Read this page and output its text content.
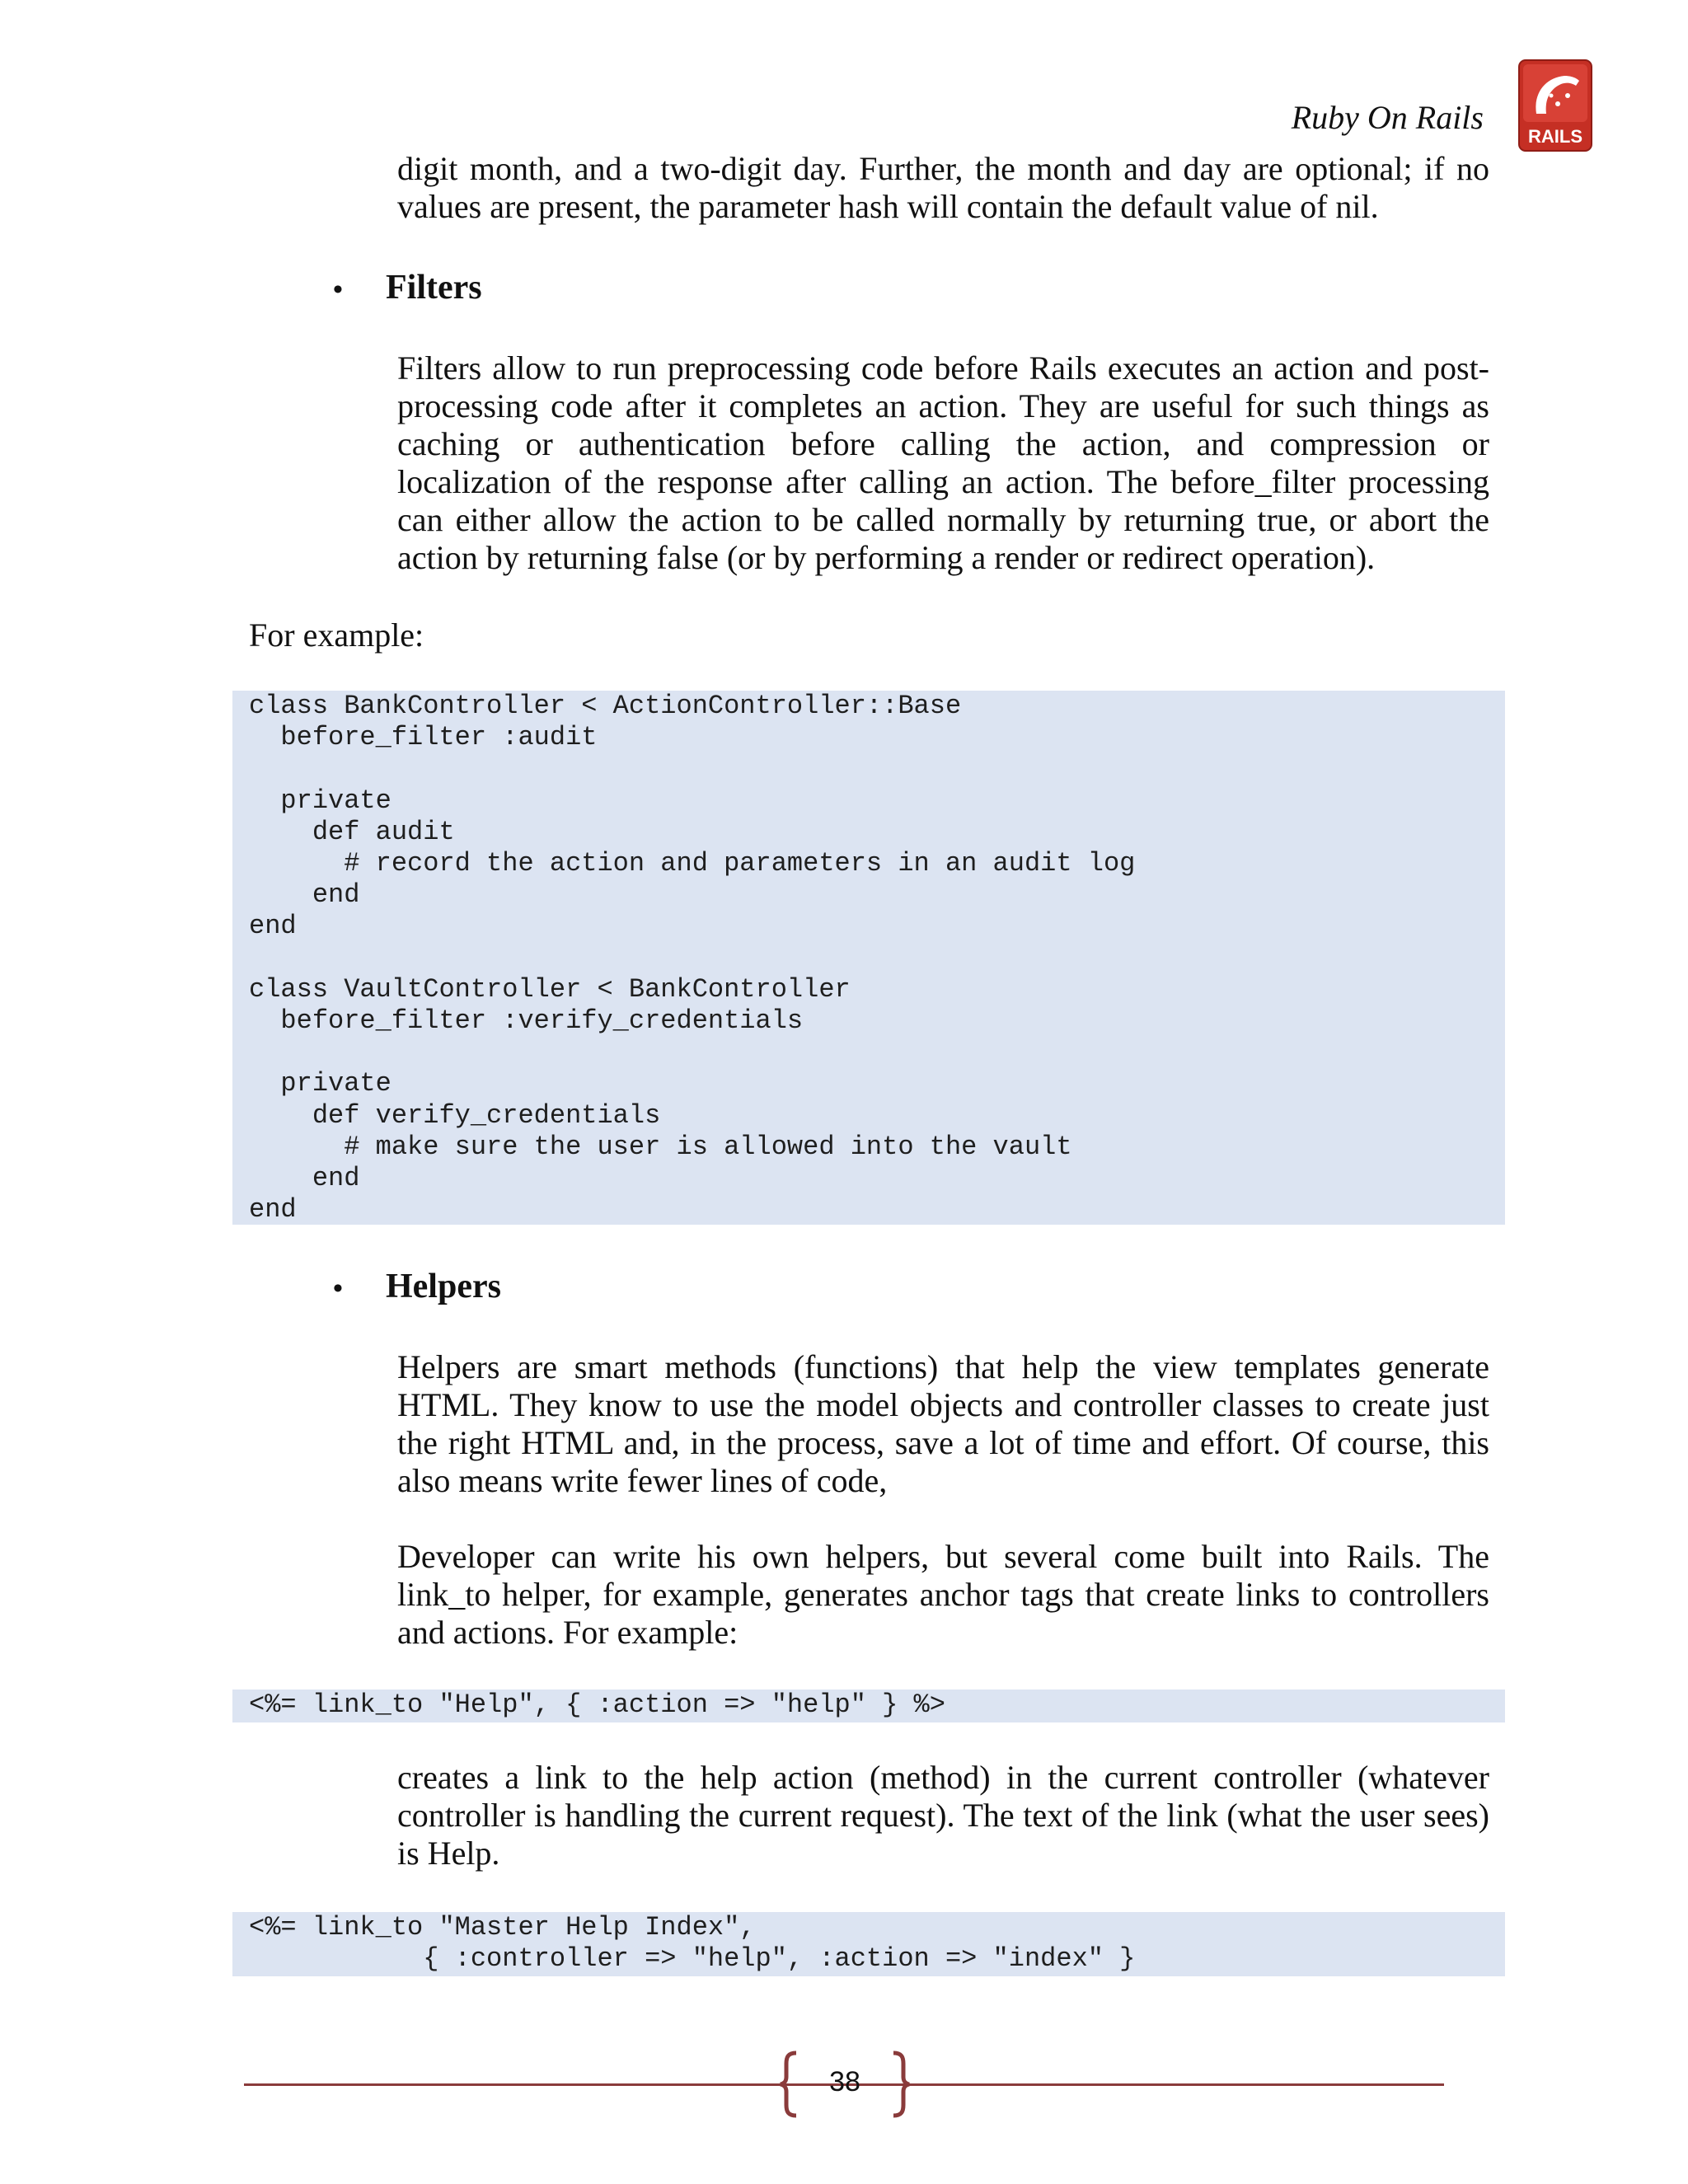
Ruby On Rails
RAILS

digit month, and a two-digit day. Further, the month and day are optional; if no values are present, the parameter hash will contain the default value of nil.

• Filters

Filters allow to run preprocessing code before Rails executes an action and post-processing code after it completes an action. They are useful for such things as caching or authentication before calling the action, and compression or localization of the response after calling an action. The before_filter processing can either allow the action to be called normally by returning true, or abort the action by returning false (or by performing a render or redirect operation).

For example:

class BankController < ActionController::Base
before_filter :audit

private
def audit
# record the action and parameters in an audit log
end
end

class VaultController < BankController
before_filter :verify_credentials

private
def verify_credentials
# make sure the user is allowed into the vault
end
end
• Helpers

Helpers are smart methods (functions) that help the view templates generate HTML. They know to use the model objects and controller classes to create just the right HTML and, in the process, save a lot of time and effort. Of course, this also means write fewer lines of code,

Developer can write his own helpers, but several come built into Rails. The link_to helper, for example, generates anchor tags that create links to controllers and actions. For example:

<%= link_to "Help", { :action => "help" } %>

creates a link to the help action (method) in the current controller (whatever controller is handling the current request). The text of the link (what the user sees) is Help.

<%= link_to "Master Help Index",
{ :controller => "help", :action => "index" }
38
